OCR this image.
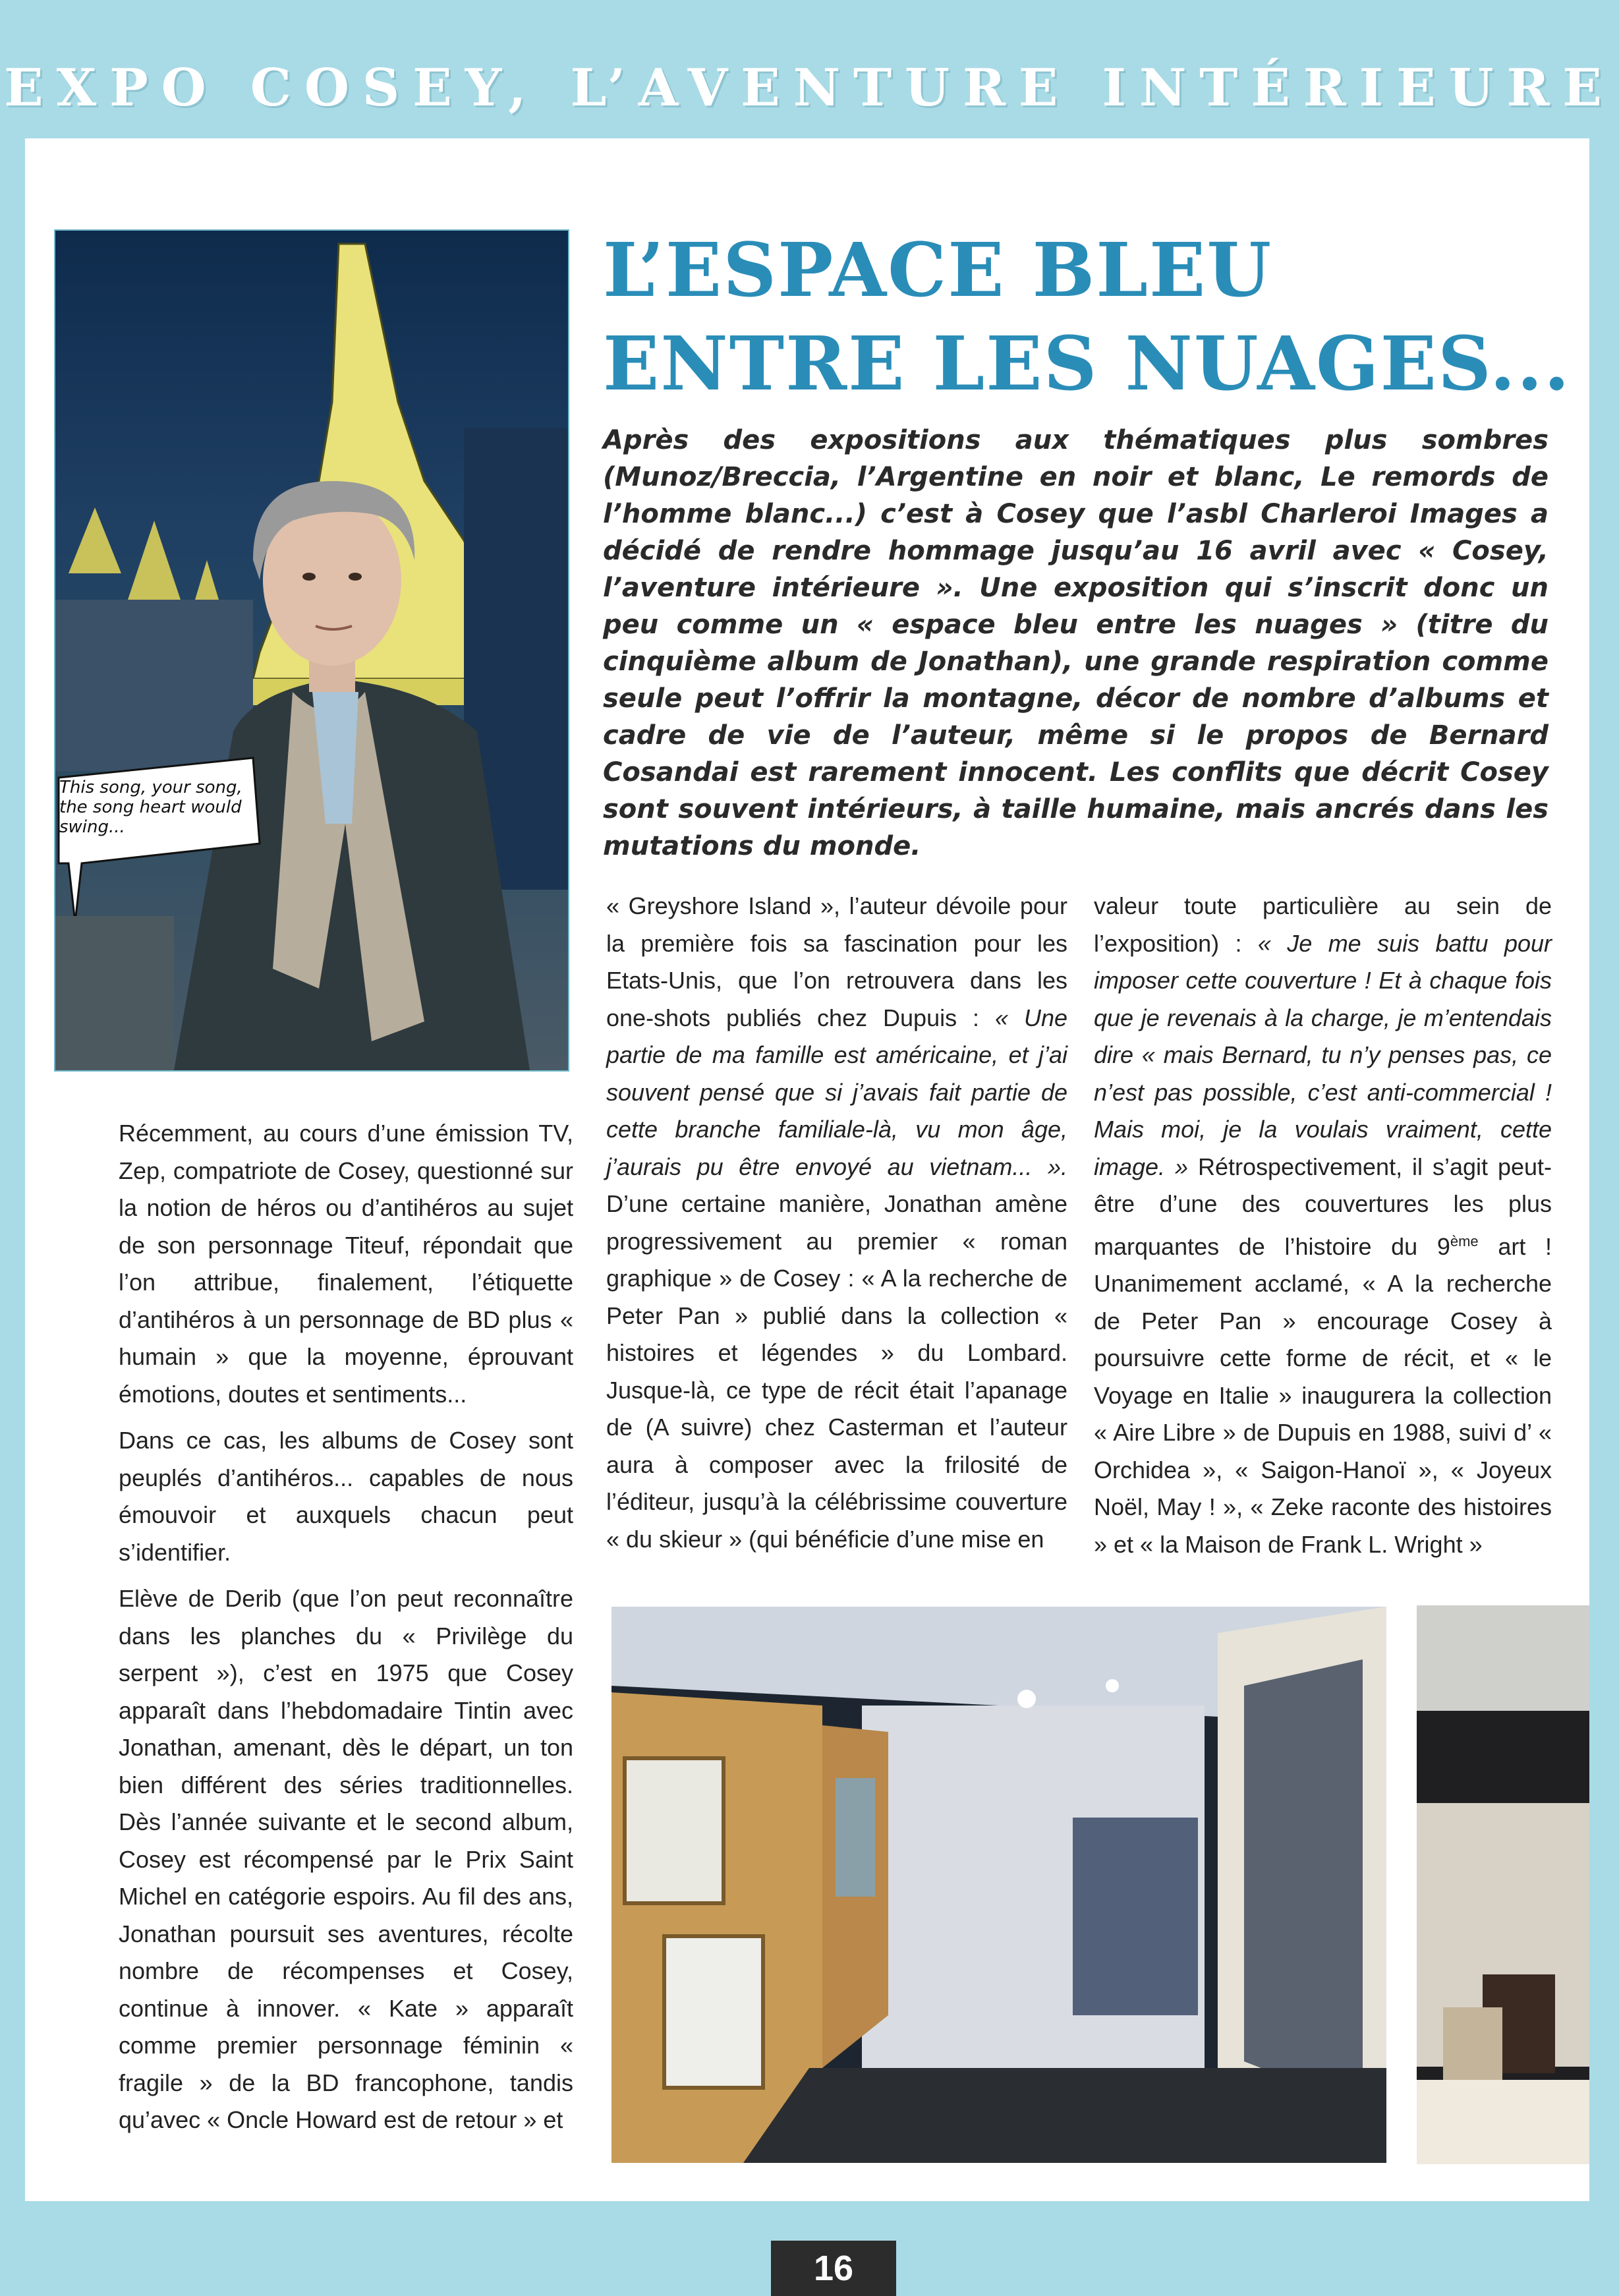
EXPO COSEY, L’AVENTURE INTÉRIEURE
This song, your song, the song heart would swing...
L’ESPACE BLEU
ENTRE LES NUAGES...
Après des expositions aux thématiques plus sombres (Munoz/Breccia, l’Argentine en noir et blanc, Le remords de l’homme blanc...) c’est à Cosey que l’asbl Charleroi Images a décidé de rendre hommage jusqu’au 16 avril avec « Cosey, l’aventure intérieure ». Une exposition qui s’inscrit donc un peu comme un « espace bleu entre les nuages » (titre du cinquième album de Jonathan), une grande respiration comme seule peut l’offrir la montagne, décor de nombre d’albums et cadre de vie de l’auteur, même si le propos de Bernard Cosandai est rarement innocent. Les conflits que décrit Cosey sont souvent intérieurs, à taille humaine, mais ancrés dans les mutations du monde.

Récemment, au cours d’une émission TV, Zep, compatriote de Cosey, questionné sur la notion de héros ou d’antihéros au sujet de son personnage Titeuf, répondait que l’on attribue, finalement, l’étiquette d’antihéros à un personnage de BD plus « humain » que la moyenne, éprouvant émotions, doutes et sentiments...

Dans ce cas, les albums de Cosey sont peuplés d’antihéros... capables de nous émouvoir et auxquels chacun peut s’identifier.

Elève de Derib (que l’on peut reconnaître dans les planches du « Privilège du serpent »), c’est en 1975 que Cosey apparaît dans l’hebdomadaire Tintin avec Jonathan, amenant, dès le départ, un ton bien différent des séries traditionnelles. Dès l’année suivante et le second album, Cosey est récompensé par le Prix Saint Michel en catégorie espoirs. Au fil des ans, Jonathan poursuit ses aventures, récolte nombre de récompenses et Cosey, continue à innover. « Kate » apparaît comme premier personnage féminin « fragile » de la BD francophone, tandis qu’avec « Oncle Howard est de retour » et

« Greyshore Island », l’auteur dévoile pour la première fois sa fascination pour les Etats-Unis, que l’on retrouvera dans les one-shots publiés chez Dupuis : « Une partie de ma famille est américaine, et j’ai souvent pensé que si j’avais fait partie de cette branche familiale-là, vu mon âge, j’aurais pu être envoyé au vietnam... ». D’une certaine manière, Jonathan amène progressivement au premier « roman graphique » de Cosey : « A la recherche de Peter Pan » publié dans la collection « histoires et légendes » du Lombard. Jusque-là, ce type de récit était l’apanage de (A suivre) chez Casterman et l’auteur aura à composer avec la frilosité de l’éditeur, jusqu’à la célébrissime couverture « du skieur » (qui bénéficie d’une mise en

valeur toute particulière au sein de l’exposition) : « Je me suis battu pour imposer cette couverture ! Et à chaque fois que je revenais à la charge, je m’entendais dire « mais Bernard, tu n’y penses pas, ce n’est pas possible, c’est anti-commercial ! Mais moi, je la voulais vraiment, cette image. » Rétrospectivement, il s’agit peut-être d’une des couvertures les plus marquantes de l’histoire du 9ème art ! Unanimement acclamé, « A la recherche de Peter Pan » encourage Cosey à poursuivre cette forme de récit, et « le Voyage en Italie » inaugurera la collection « Aire Libre » de Dupuis en 1988, suivi d’ « Orchidea », « Saigon-Hanoï », « Joyeux Noël, May ! », « Zeke raconte des histoires » et « la Maison de Frank L. Wright »

16
